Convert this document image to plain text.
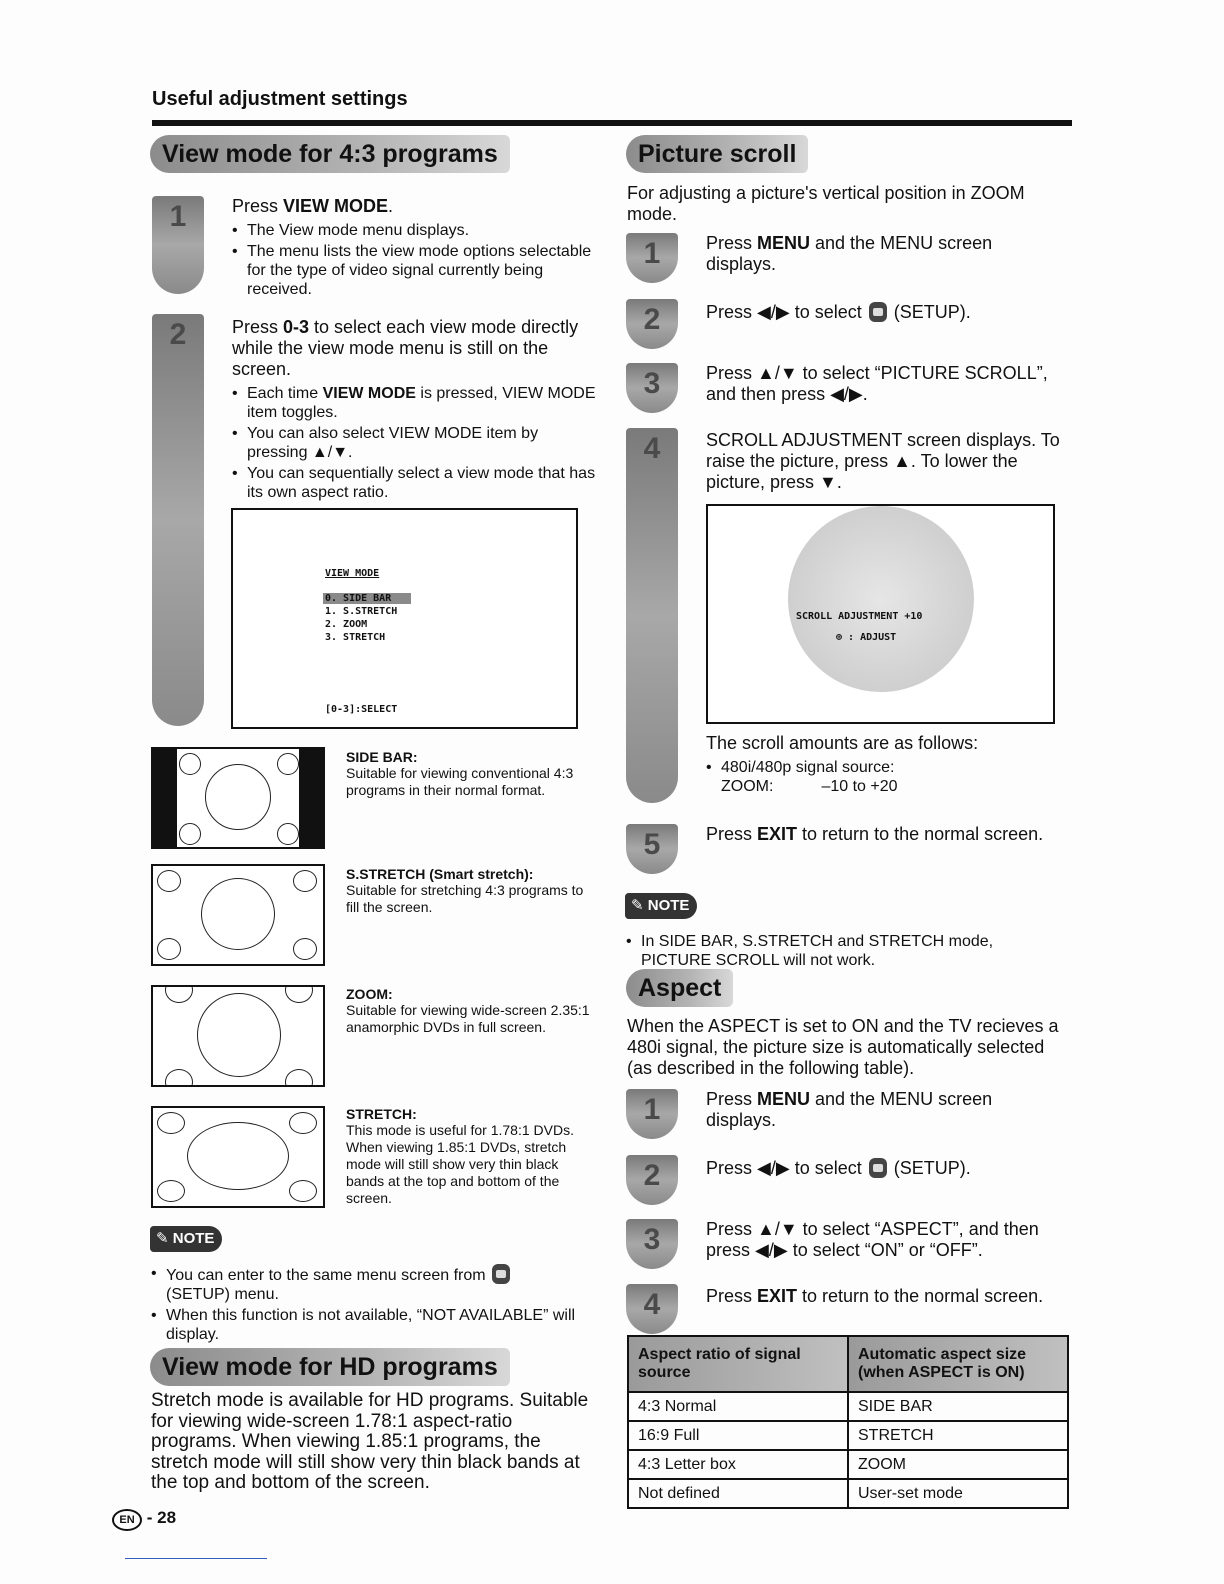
Useful adjustment settings
View mode for 4:3 programs
1	Press VIEW MODE.

• The View mode menu displays.
• The menu lists the view mode options selectable for the type of video signal currently being received.
2	Press 0-3 to select each view mode directly while the view mode menu is still on the screen.

• Each time VIEW MODE is pressed, VIEW MODE item toggles.
• You can also select VIEW MODE item by pressing ▲/▼.
• You can sequentially select a view mode that has its own aspect ratio.
VIEW MODE
0. SIDE BAR
1. S.STRETCH
2. ZOOM
3. STRETCH
[0-3]:SELECT
SIDE BAR:
Suitable for viewing conventional 4:3 programs in their normal format.
S.STRETCH (Smart stretch):
Suitable for stretching 4:3 programs to fill the screen.
ZOOM:
Suitable for viewing wide-screen 2.35:1 anamorphic DVDs in full screen.
STRETCH:
This mode is useful for 1.78:1 DVDs. When viewing 1.85:1 DVDs, stretch mode will still show very thin black bands at the top and bottom of the screen.
✎ NOTE
• You can enter to the same menu screen from
(SETUP) menu.
• When this function is not available, “NOT AVAILABLE” will display.
View mode for HD programs
Stretch mode is available for HD programs. Suitable for viewing wide-screen 1.78:1 aspect-ratio programs. When viewing 1.85:1 programs, the stretch mode will still show very thin black bands at the top and bottom of the screen.
Picture scroll
For adjusting a picture's vertical position in ZOOM mode.
1	Press MENU and the MENU screen displays.
2	Press ◀/▶ to select (SETUP).
3	Press ▲/▼ to select “PICTURE SCROLL”, and then press ◀/▶.
4	SCROLL ADJUSTMENT screen displays. To raise the picture, press ▲. To lower the picture, press ▼.
SCROLL ADJUSTMENT +10
⊕ : ADJUST
The scroll amounts are as follows:
• 480i/480p signal source:
ZOOM:	–10 to +20
5	Press EXIT to return to the normal screen.
✎ NOTE
• In SIDE BAR, S.STRETCH and STRETCH mode, PICTURE SCROLL will not work.
Aspect
When the ASPECT is set to ON and the TV recieves a 480i signal, the picture size is automatically selected (as described in the following table).
1	Press MENU and the MENU screen displays.
2	Press ◀/▶ to select (SETUP).
3	Press ▲/▼ to select “ASPECT”, and then press ◀/▶ to select “ON” or “OFF”.
4	Press EXIT to return to the normal screen.
Aspect ratio of signal source	Automatic aspect size (when ASPECT is ON)
4:3 Normal	SIDE BAR
16:9 Full	STRETCH
4:3 Letter box	ZOOM
Not defined	User-set mode
EN - 28
